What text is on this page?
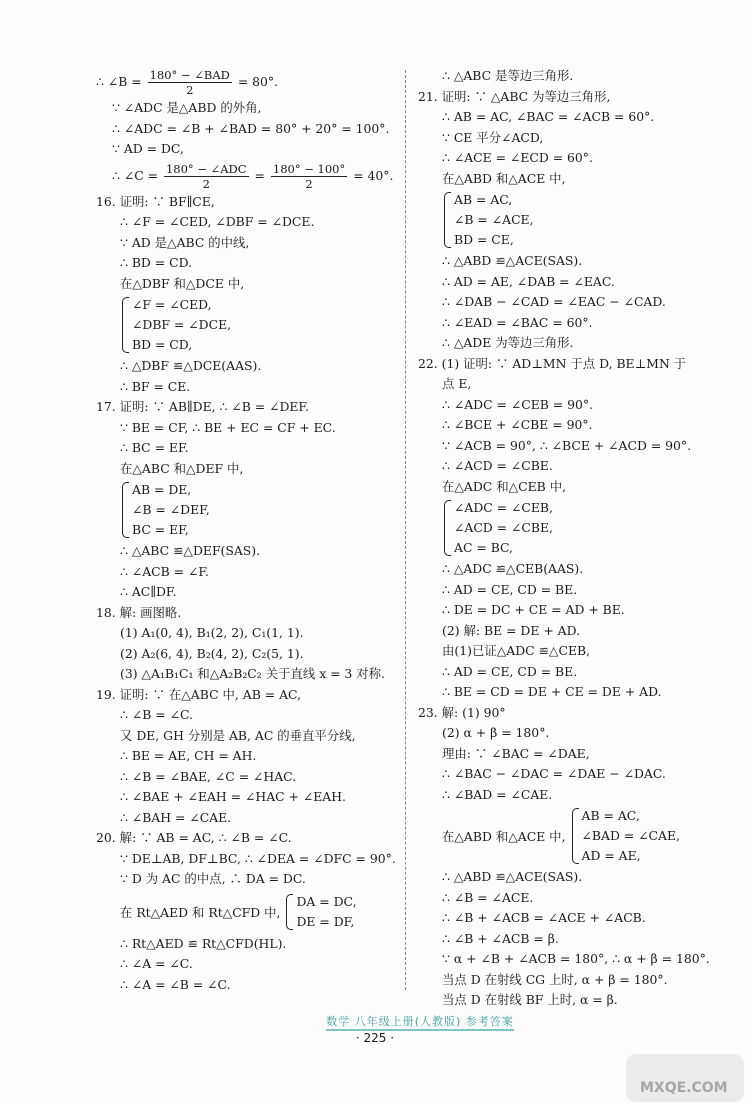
∴ ∠B = $\frac{\text{180° − ∠BAD}}{2} = 80^\circ$.
∵ ∠ADC 是△ABD 的外角,
∴ ∠ADC = ∠B + ∠BAD = 80° + 20° = 100°.
∵ AD = DC,
∴ ∠C = $\frac{\text{180° − ∠ADC}}{2} = \frac{180^\circ - 100^\circ}{2} = 40^\circ$.
16. 证明: ∵ BF∥CE,
∴ ∠F = ∠CED, ∠DBF = ∠DCE.
∵ AD 是△ABC 的中线,
∴ BD = CD.
在△DBF 和△DCE 中,
∠F = ∠CED,
∠DBF = ∠DCE,
BD = CD,
∴ △DBF ≌△DCE(AAS).
∴ BF = CE.
17. 证明: ∵ AB∥DE, ∴ ∠B = ∠DEF.
∵ BE = CF, ∴ BE + EC = CF + EC.
∴ BC = EF.
在△ABC 和△DEF 中,
AB = DE,
∠B = ∠DEF,
BC = EF,
∴ △ABC ≌△DEF(SAS).
∴ ∠ACB = ∠F.
∴ AC∥DF.
18. 解: 画图略.
(1) A₁(0, 4), B₁(2, 2), C₁(1, 1).
(2) A₂(6, 4), B₂(4, 2), C₂(5, 1).
(3) △A₁B₁C₁ 和△A₂B₂C₂ 关于直线 x = 3 对称.
19. 证明: ∵ 在△ABC 中, AB = AC,
∴ ∠B = ∠C.
又 DE, GH 分别是 AB, AC 的垂直平分线,
∴ BE = AE, CH = AH.
∴ ∠B = ∠BAE, ∠C = ∠HAC.
∴ ∠BAE + ∠EAH = ∠HAC + ∠EAH.
∴ ∠BAH = ∠CAE.
20. 解: ∵ AB = AC, ∴ ∠B = ∠C.
∵ DE⊥AB, DF⊥BC, ∴ ∠DEA = ∠DFC = 90°.
∵ D 为 AC 的中点, ∴ DA = DC.
在 Rt△AED 和 Rt△CFD 中,
DA = DC,
DE = DF,
∴ Rt△AED ≌ Rt△CFD(HL).
∴ ∠A = ∠C.
∴ ∠A = ∠B = ∠C.
∴ △ABC 是等边三角形.
21. 证明: ∵ △ABC 为等边三角形,
∴ AB = AC, ∠BAC = ∠ACB = 60°.
∵ CE 平分∠ACD,
∴ ∠ACE = ∠ECD = 60°.
在△ABD 和△ACE 中,
AB = AC,
∠B = ∠ACE,
BD = CE,
∴ △ABD ≌△ACE(SAS).
∴ AD = AE, ∠DAB = ∠EAC.
∴ ∠DAB − ∠CAD = ∠EAC − ∠CAD.
∴ ∠EAD = ∠BAC = 60°.
∴ △ADE 为等边三角形.
22. (1) 证明: ∵ AD⊥MN 于点 D, BE⊥MN 于
点 E,
∴ ∠ADC = ∠CEB = 90°.
∴ ∠BCE + ∠CBE = 90°.
∵ ∠ACB = 90°, ∴ ∠BCE + ∠ACD = 90°.
∴ ∠ACD = ∠CBE.
在△ADC 和△CEB 中,
∠ADC = ∠CEB,
∠ACD = ∠CBE,
AC = BC,
∴ △ADC ≌△CEB(AAS).
∴ AD = CE, CD = BE.
∴ DE = DC + CE = AD + BE.
(2) 解: BE = DE + AD.
由(1)已证△ADC ≌△CEB,
∴ AD = CE, CD = BE.
∴ BE = CD = DE + CE = DE + AD.
23. 解: (1) 90°
(2) α + β = 180°.
理由: ∵ ∠BAC = ∠DAE,
∴ ∠BAC − ∠DAC = ∠DAE − ∠DAC.
∴ ∠BAD = ∠CAE.
在△ABD 和△ACE 中,
AB = AC,
∠BAD = ∠CAE,
AD = AE,
∴ △ABD ≌△ACE(SAS).
∴ ∠B = ∠ACE.
∴ ∠B + ∠ACB = ∠ACE + ∠ACB.
∴ ∠B + ∠ACB = β.
∵ α + ∠B + ∠ACB = 180°, ∴ α + β = 180°.
当点 D 在射线 CG 上时, α + β = 180°.
当点 D 在射线 BF 上时, α = β.
数学 八年级上册(人教版) 参考答案
· 225 ·
MXQE.COM
